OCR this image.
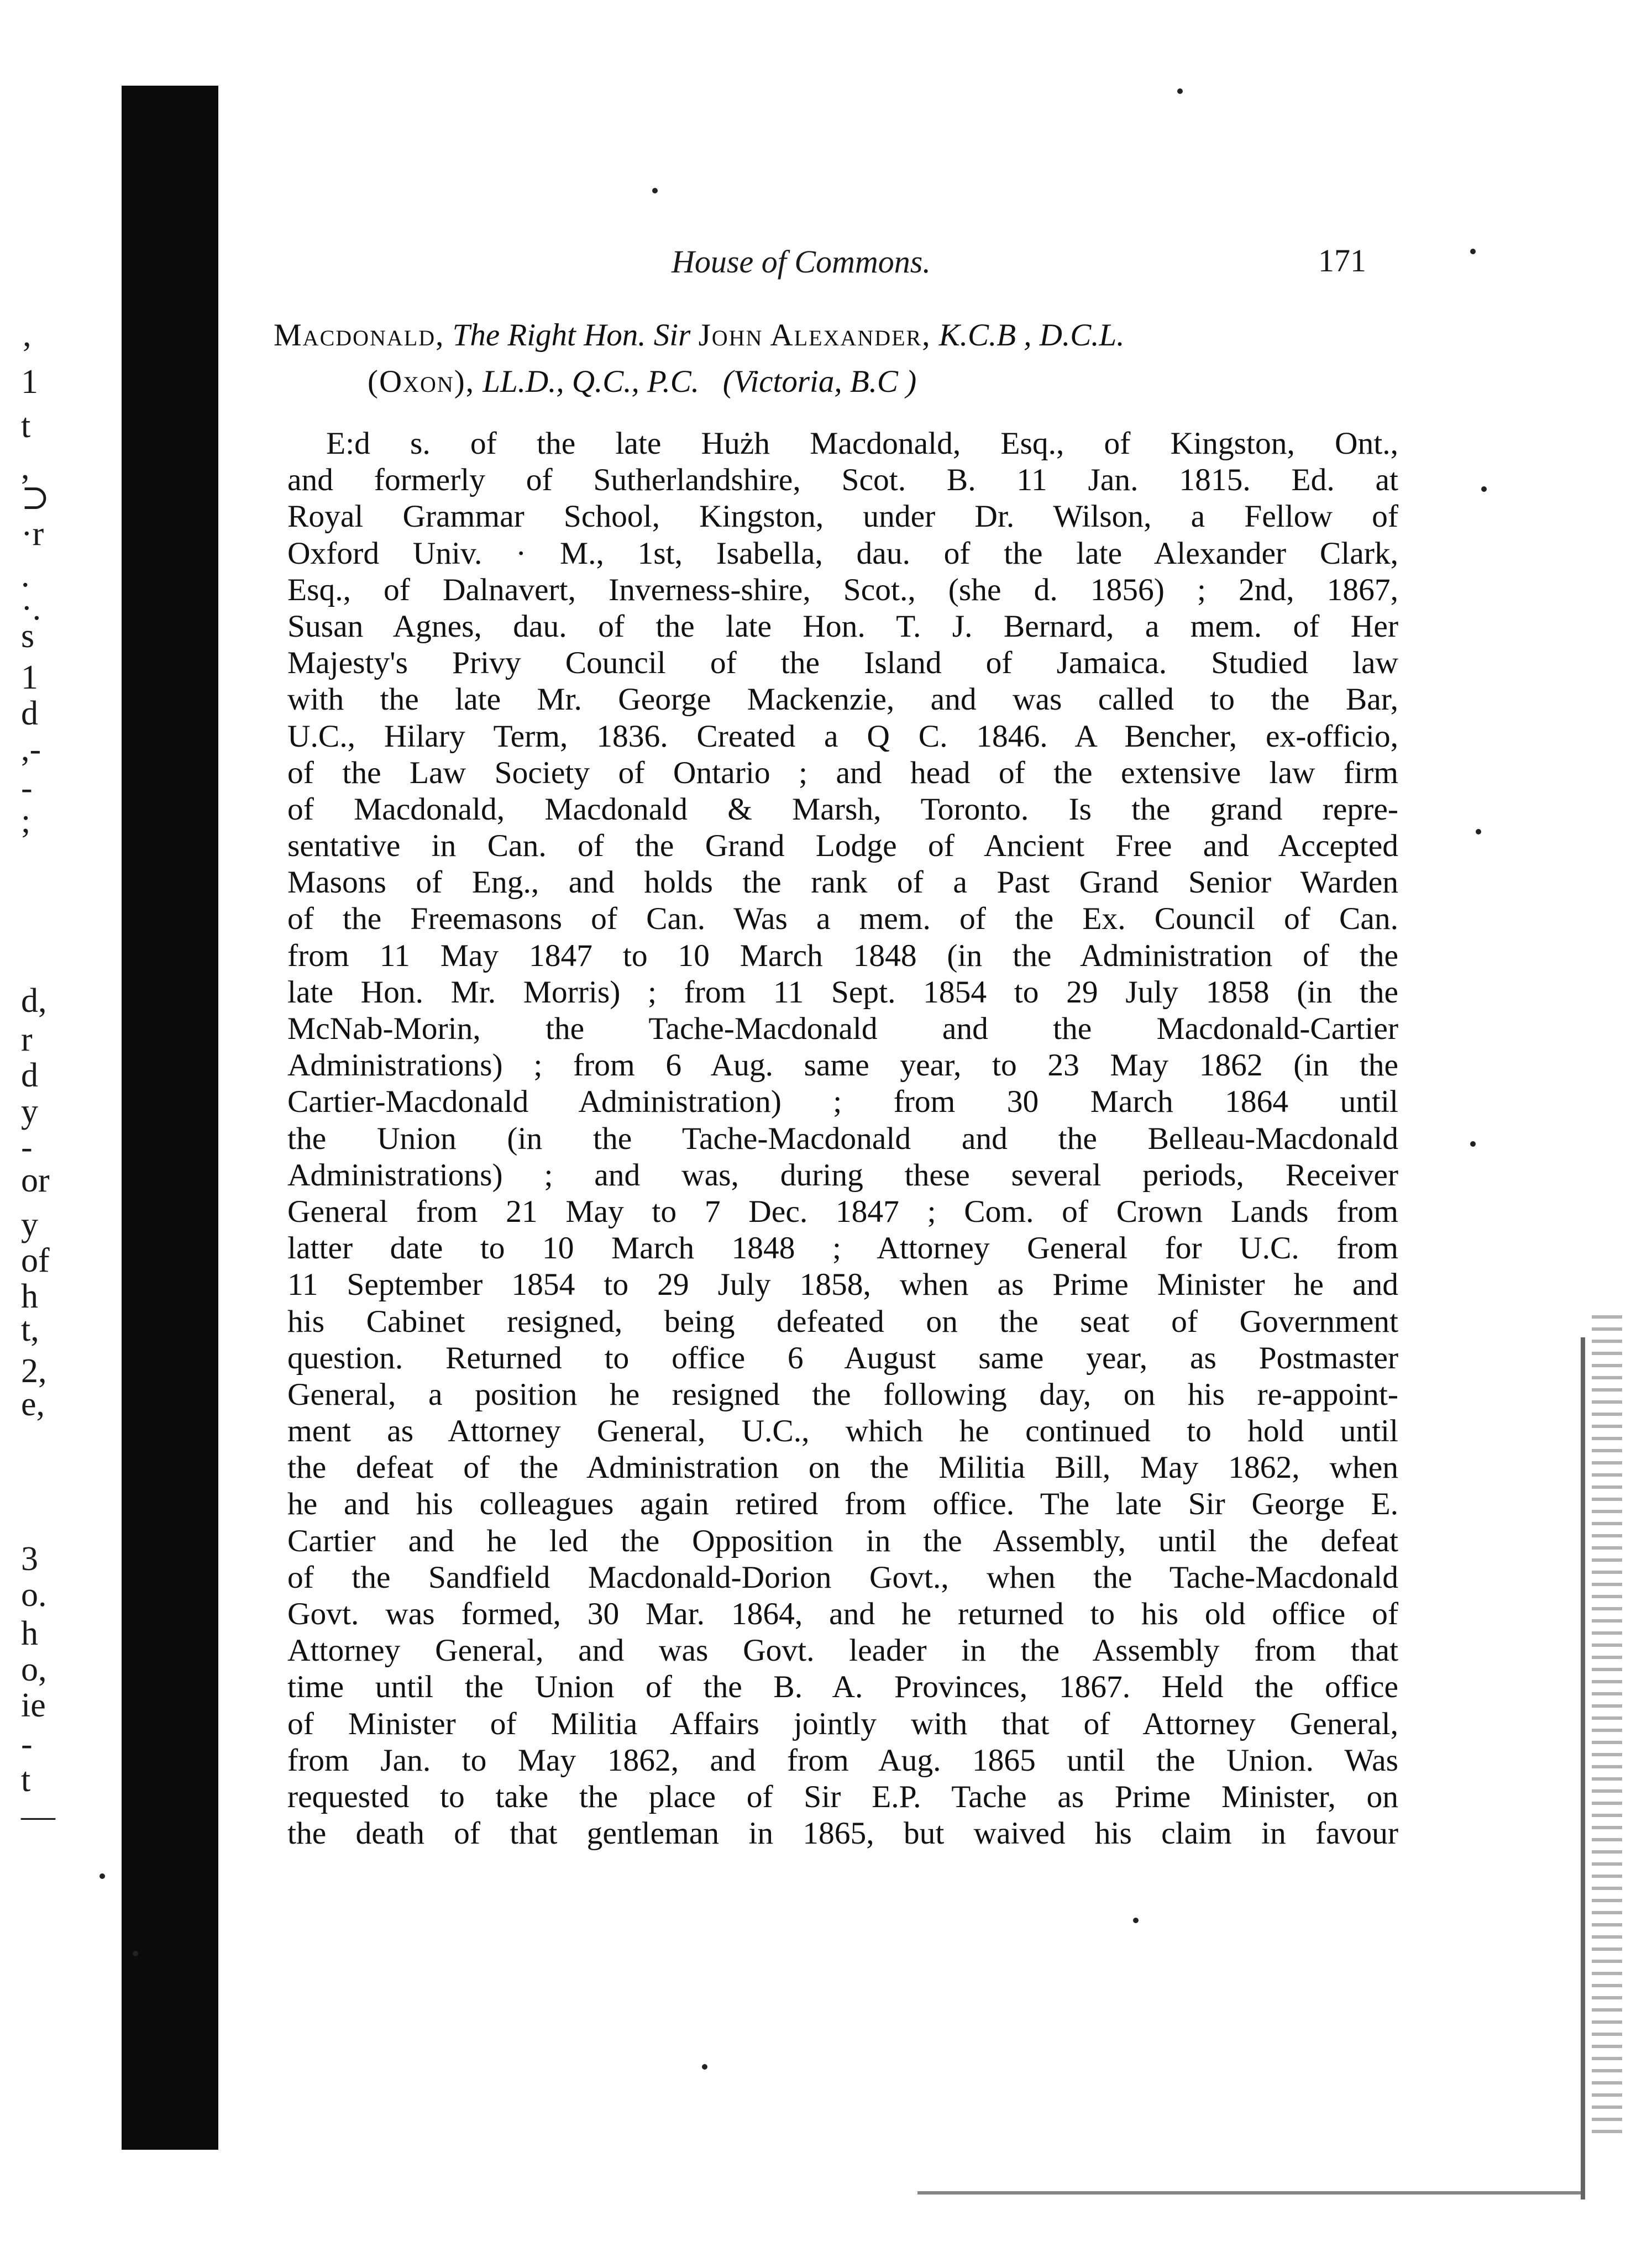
’
1
t
,
⊃
·r
.
·.
s
1
d
,-
-
;
d,
r
d
y
-
or
y
of
h
t,
2,
e,
3
o.
h
o,
ie
-
t
—
House of Commons.	171
Macdonald, The Right Hon. Sir John Alexander, K.C.B , D.C.L.
(Oxon), LL.D., Q.C., P.C. (Victoria, B.C )
E:d s. of the late Hużh Macdonald, Esq., of Kingston, Ont.,
and formerly of Sutherlandshire, Scot. B. 11 Jan. 1815. Ed. at
Royal Grammar School, Kingston, under Dr. Wilson, a Fellow of
Oxford Univ. · M., 1st, Isabella, dau. of the late Alexander Clark,
Esq., of Dalnavert, Inverness-shire, Scot., (she d. 1856) ; 2nd, 1867,
Susan Agnes, dau. of the late Hon. T. J. Bernard, a mem. of Her
Majesty's Privy Council of the Island of Jamaica. Studied law
with the late Mr. George Mackenzie, and was called to the Bar,
U.C., Hilary Term, 1836. Created a Q C. 1846. A Bencher, ex-officio,
of the Law Society of Ontario ; and head of the extensive law firm
of Macdonald, Macdonald & Marsh, Toronto. Is the grand repre-
sentative in Can. of the Grand Lodge of Ancient Free and Accepted
Masons of Eng., and holds the rank of a Past Grand Senior Warden
of the Freemasons of Can. Was a mem. of the Ex. Council of Can.
from 11 May 1847 to 10 March 1848 (in the Administration of the
late Hon. Mr. Morris) ; from 11 Sept. 1854 to 29 July 1858 (in the
McNab-Morin, the Tache-Macdonald and the Macdonald-Cartier
Administrations) ; from 6 Aug. same year, to 23 May 1862 (in the
Cartier-Macdonald Administration) ; from 30 March 1864 until
the Union (in the Tache-Macdonald and the Belleau-Macdonald
Administrations) ; and was, during these several periods, Receiver
General from 21 May to 7 Dec. 1847 ; Com. of Crown Lands from
latter date to 10 March 1848 ; Attorney General for U.C. from
11 September 1854 to 29 July 1858, when as Prime Minister he and
his Cabinet resigned, being defeated on the seat of Government
question. Returned to office 6 August same year, as Postmaster
General, a position he resigned the following day, on his re-appoint-
ment as Attorney General, U.C., which he continued to hold until
the defeat of the Administration on the Militia Bill, May 1862, when
he and his colleagues again retired from office. The late Sir George E.
Cartier and he led the Opposition in the Assembly, until the defeat
of the Sandfield Macdonald-Dorion Govt., when the Tache-Macdonald
Govt. was formed, 30 Mar. 1864, and he returned to his old office of
Attorney General, and was Govt. leader in the Assembly from that
time until the Union of the B. A. Provinces, 1867. Held the office
of Minister of Militia Affairs jointly with that of Attorney General,
from Jan. to May 1862, and from Aug. 1865 until the Union. Was
requested to take the place of Sir E.P. Tache as Prime Minister, on
the death of that gentleman in 1865, but waived his claim in favour
